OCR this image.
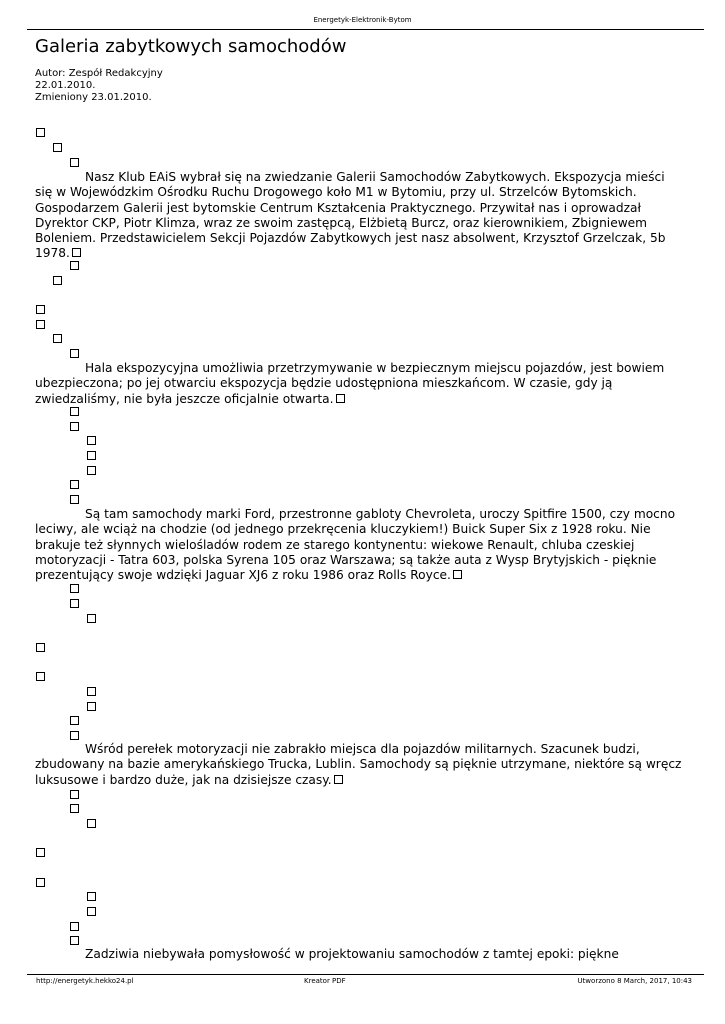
Energetyk-Elektronik-Bytom
Galeria zabytkowych samochodów
Autor: Zespół Redakcyjny
22.01.2010.
Zmieniony 23.01.2010.
Nasz Klub EAiS wybrał się na zwiedzanie Galerii Samochodów Zabytkowych. Ekspozycja mieści się w Wojewódzkim Ośrodku Ruchu Drogowego koło M1 w Bytomiu, przy ul. Strzelców Bytomskich. Gospodarzem Galerii jest bytomskie Centrum Kształcenia Praktycznego. Przywitał nas i oprowadzał Dyrektor CKP, Piotr Klimza, wraz ze swoim zastępcą, Elżbietą Burcz, oraz kierownikiem, Zbigniewem Boleniem. Przedstawicielem Sekcji Pojazdów Zabytkowych jest nasz absolwent, Krzysztof Grzelczak, 5b 1978.
Hala ekspozycyjna umożliwia przetrzymywanie w bezpiecznym miejscu pojazdów, jest bowiem ubezpieczona; po jej otwarciu ekspozycja będzie udostępniona mieszkańcom. W czasie, gdy ją zwiedzaliśmy, nie była jeszcze oficjalnie otwarta.
Są tam samochody marki Ford, przestronne gabloty Chevroleta, uroczy Spitfire 1500, czy mocno leciwy, ale wciąż na chodzie (od jednego przekręcenia kluczykiem!) Buick Super Six z 1928 roku. Nie brakuje też słynnych wielośladów rodem ze starego kontynentu: wiekowe Renault, chluba czeskiej motoryzacji - Tatra 603, polska Syrena 105 oraz Warszawa; są także auta z Wysp Brytyjskich - pięknie prezentujący swoje wdzięki Jaguar XJ6 z roku 1986 oraz Rolls Royce.
Wśród perełek motoryzacji nie zabrakło miejsca dla pojazdów militarnych. Szacunek budzi, zbudowany na bazie amerykańskiego Trucka, Lublin. Samochody są pięknie utrzymane, niektóre są wręcz luksusowe i bardzo duże, jak na dzisiejsze czasy.
Zadziwia niebywała pomysłowość w projektowaniu samochodów z tamtej epoki: piękne
http://energetyk.hekko24.pl	Kreator PDF	Utworzono 8 March, 2017, 10:43
